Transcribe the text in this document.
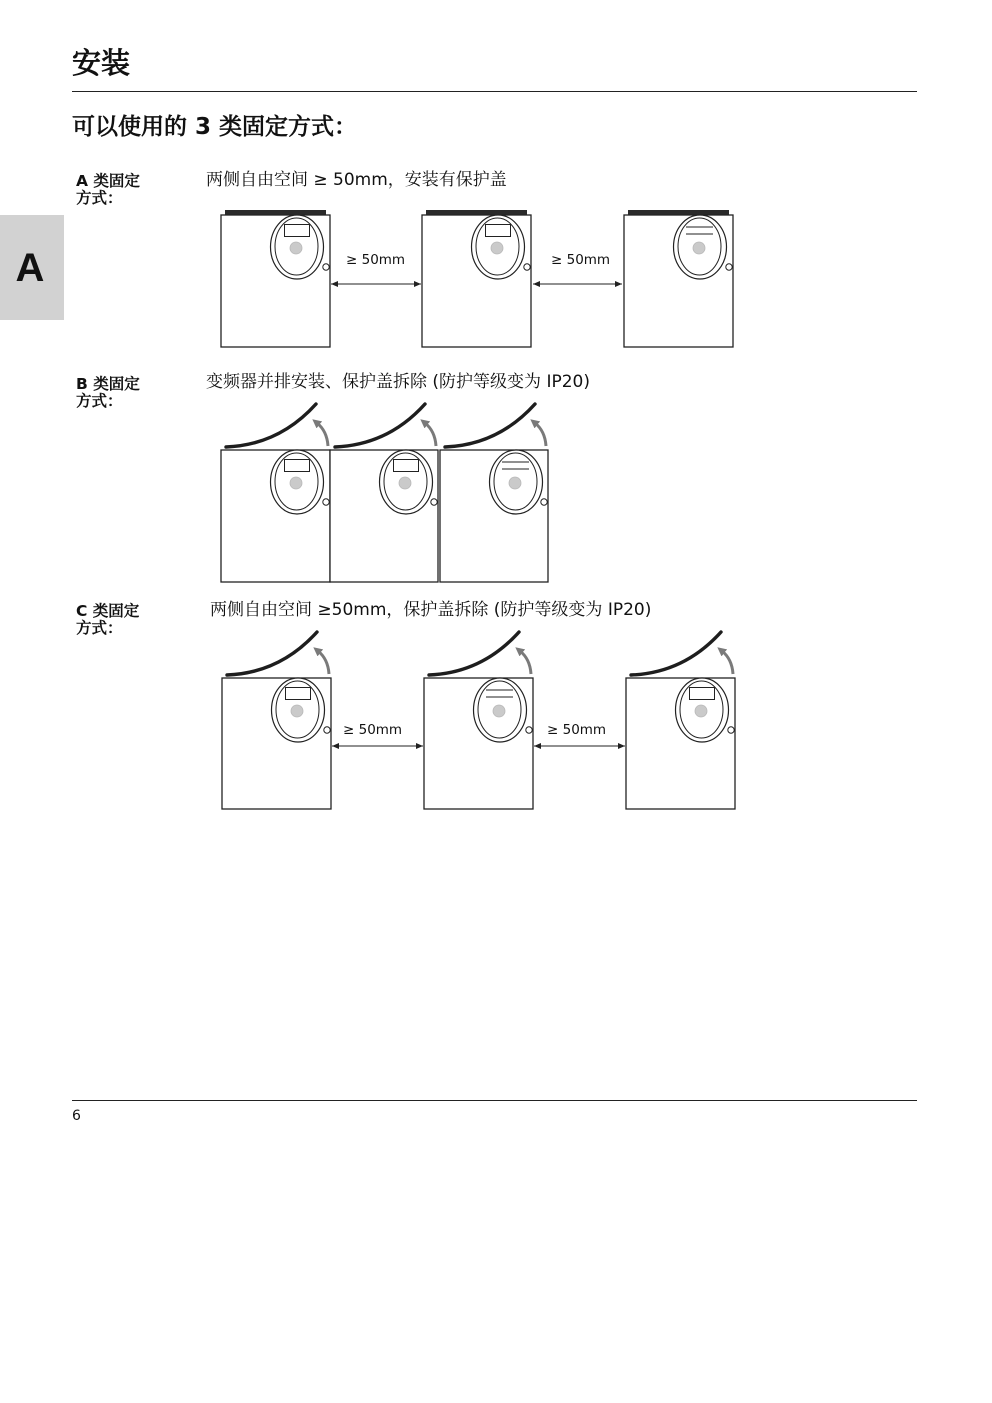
安装
可以使用的 3 类固定方式：
A
A 类固定
方式：
两侧自由空间 ≥ 50mm，安装有保护盖
≥ 50mm	≥ 50mm
B 类固定
方式：
变频器并排安装、保护盖拆除 (防护等级变为 IP20)
C 类固定
方式：
两侧自由空间 ≥50mm，保护盖拆除 (防护等级变为 IP20)
≥ 50mm	≥ 50mm
6
